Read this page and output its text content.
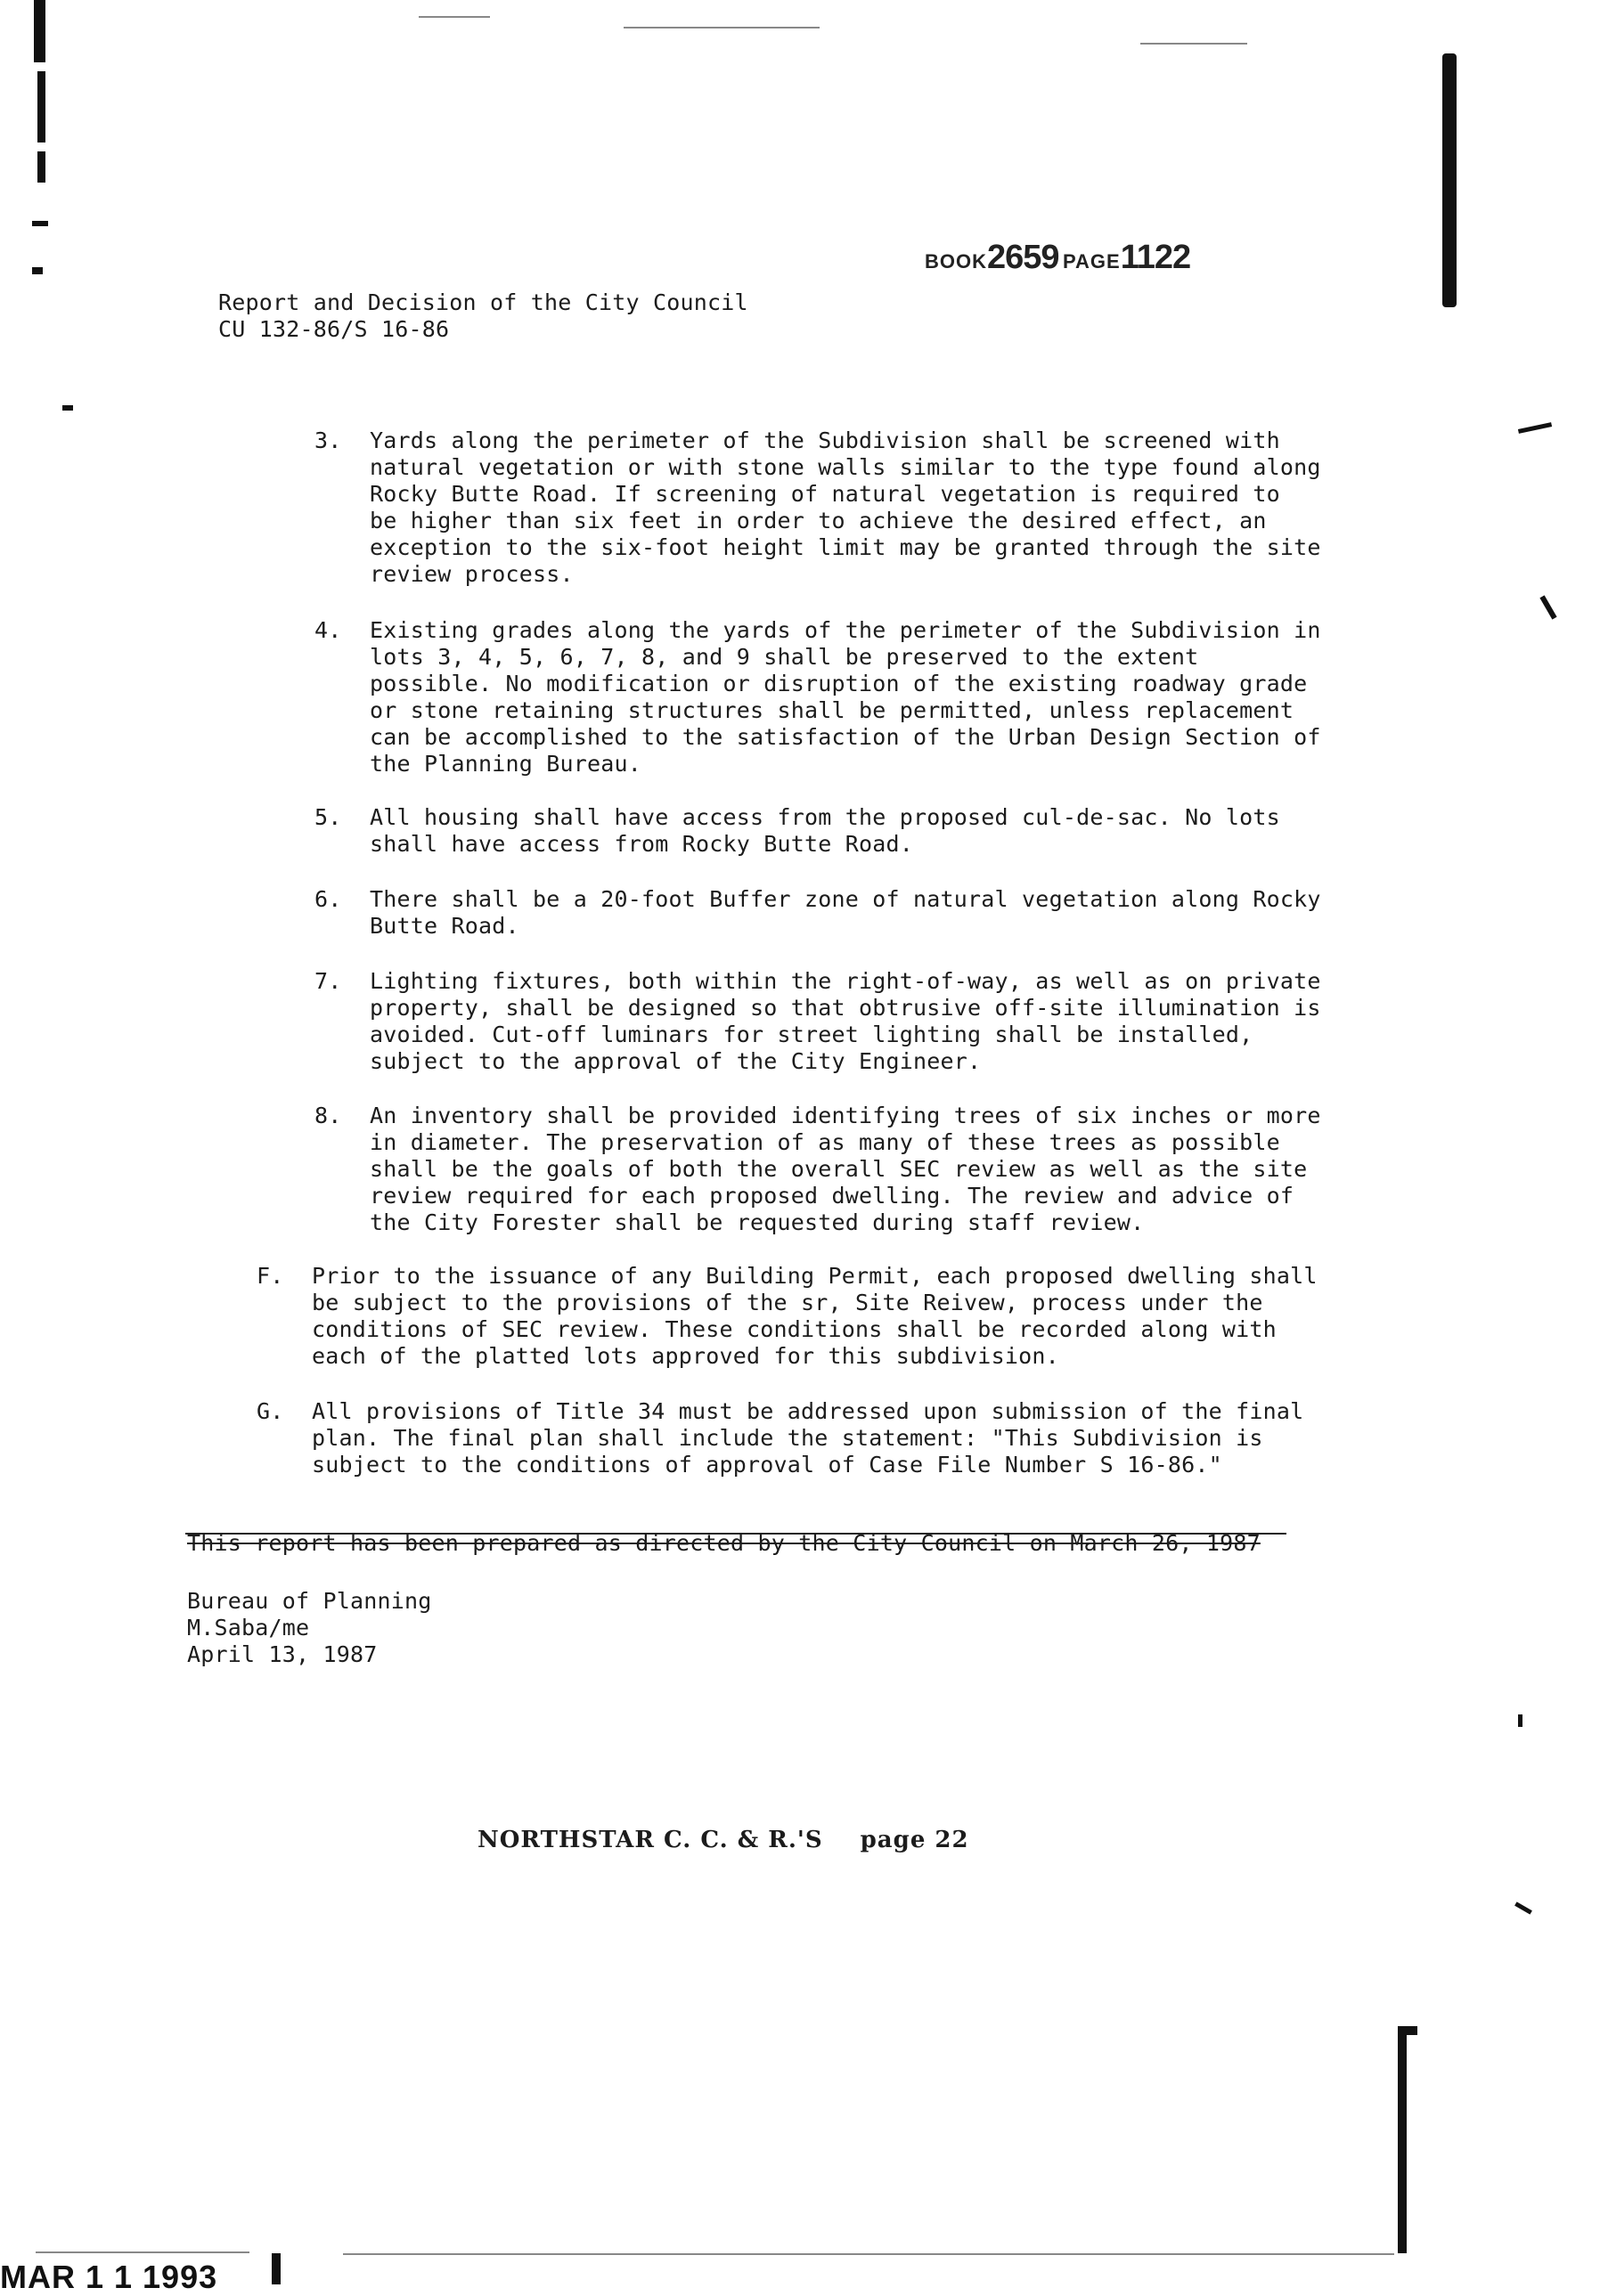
BOOK2659 PAGE1122
Report and Decision of the City Council
CU 132-86/S 16-86
3.	Yards along the perimeter of the Subdivision shall be screened with
natural vegetation or with stone walls similar to the type found along
Rocky Butte Road. If screening of natural vegetation is required to
be higher than six feet in order to achieve the desired effect, an
exception to the six-foot height limit may be granted through the site
review process.
4.	Existing grades along the yards of the perimeter of the Subdivision in
lots 3, 4, 5, 6, 7, 8, and 9 shall be preserved to the extent
possible. No modification or disruption of the existing roadway grade
or stone retaining structures shall be permitted, unless replacement
can be accomplished to the satisfaction of the Urban Design Section of
the Planning Bureau.
5.	All housing shall have access from the proposed cul-de-sac. No lots
shall have access from Rocky Butte Road.
6.	There shall be a 20-foot Buffer zone of natural vegetation along Rocky
Butte Road.
7.	Lighting fixtures, both within the right-of-way, as well as on private
property, shall be designed so that obtrusive off-site illumination is
avoided. Cut-off luminars for street lighting shall be installed,
subject to the approval of the City Engineer.
8.	An inventory shall be provided identifying trees of six inches or more
in diameter. The preservation of as many of these trees as possible
shall be the goals of both the overall SEC review as well as the site
review required for each proposed dwelling. The review and advice of
the City Forester shall be requested during staff review.
F.	Prior to the issuance of any Building Permit, each proposed dwelling shall
be subject to the provisions of the sr, Site Reivew, process under the
conditions of SEC review. These conditions shall be recorded along with
each of the platted lots approved for this subdivision.
G.	All provisions of Title 34 must be addressed upon submission of the final
plan. The final plan shall include the statement: "This Subdivision is
subject to the conditions of approval of Case File Number S 16-86."
This report has been prepared as directed by the City Council on March 26, 1987
Bureau of Planning
M.Saba/me
April 13, 1987
NORTHSTAR C. C. & R.'S page 22
MAR 1 1 1993
